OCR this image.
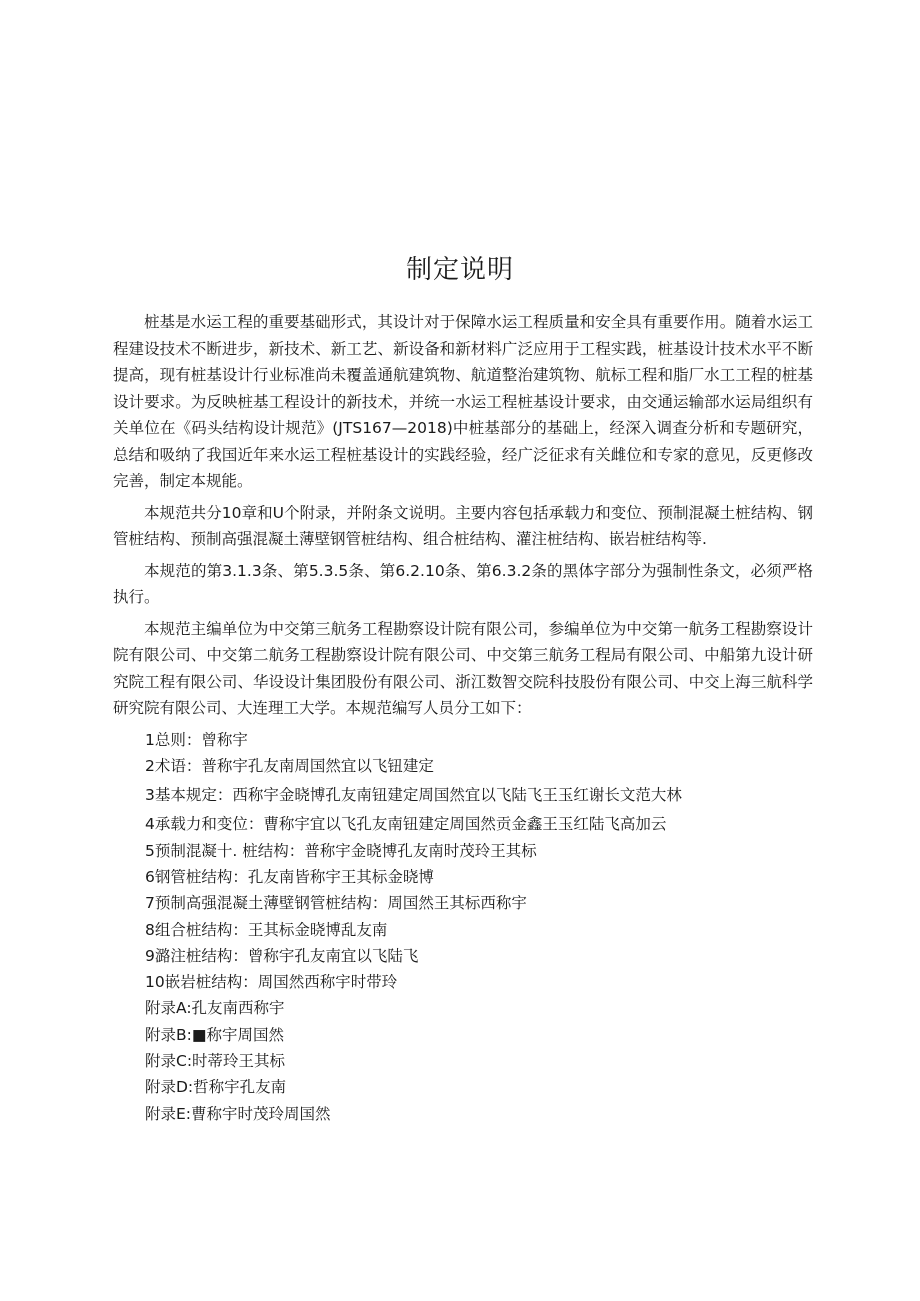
制定说明

桩基是水运工程的重要基础形式，其设计对于保障水运工程质量和安全具有重要作用。随着水运工程建设技术不断进步，新技术、新工艺、新设备和新材料广泛应用于工程实践，桩基设计技术水平不断提高，现有桩基设计行业标准尚未覆盖通航建筑物、航道整治建筑物、航标工程和脂厂水工工程的桩基设计要求。为反映桩基工程设计的新技术，并统一水运工程桩基设计要求，由交通运输部水运局组织有关单位在《码头结构设计规范》(JTS167—2018)中桩基部分的基础上，经深入调查分析和专题研究，总结和吸纳了我国近年来水运工程桩基设计的实践经验，经广泛征求有关雌位和专家的意见，反更修改完善，制定本规能。

本规范共分10章和U个附录，并附条文说明。主要内容包括承载力和变位、预制混凝土桩结构、钢管桩结构、预制高强混凝土薄壁钢管桩结构、组合桩结构、灌注桩结构、嵌岩桩结构等.

本规范的第3.1.3条、第5.3.5条、第6.2.10条、第6.3.2条的黑体字部分为强制性条文，必须严格执行。

本规范主编单位为中交第三航务工程勘察设计院有限公司，参编单位为中交第一航务工程勘察设计院有限公司、中交第二航务工程勘察设计院有限公司、中交第三航务工程局有限公司、中船第九设计研究院工程有限公司、华设设计集团股份有限公司、浙江数智交院科技股份有限公司、中交上海三航科学研究院有限公司、大连理工大学。本规范编写人员分工如下：

1总则：曾称宇
2术语：普称宇孔友南周国然宜以飞钮建定
3基本规定：西称宇金晓博孔友南钮建定周国然宜以飞陆飞王玉红谢长文范大林
4承载力和变位：曹称宇宜以飞孔友南钮建定周国然贡金鑫王玉红陆飞高加云
5预制混凝十. 桩结构：普称宇金晓博孔友南时茂玲王其标
6钢管桩结构：孔友南皆称宇王其标金晓博
7预制高强混凝土薄壁钢管桩结构：周国然王其标西称宇
8组合桩结构：王其标金晓博乱友南
9潞注桩结构：曾称宇孔友南宜以飞陆飞
10嵌岩桩结构：周国然西称宇时带玲
附录A:孔友南西称宇
附录B:■称宇周国然
附录C:时蒂玲王其标
附录D:哲称宇孔友南
附录E:曹称宇时茂玲周国然
